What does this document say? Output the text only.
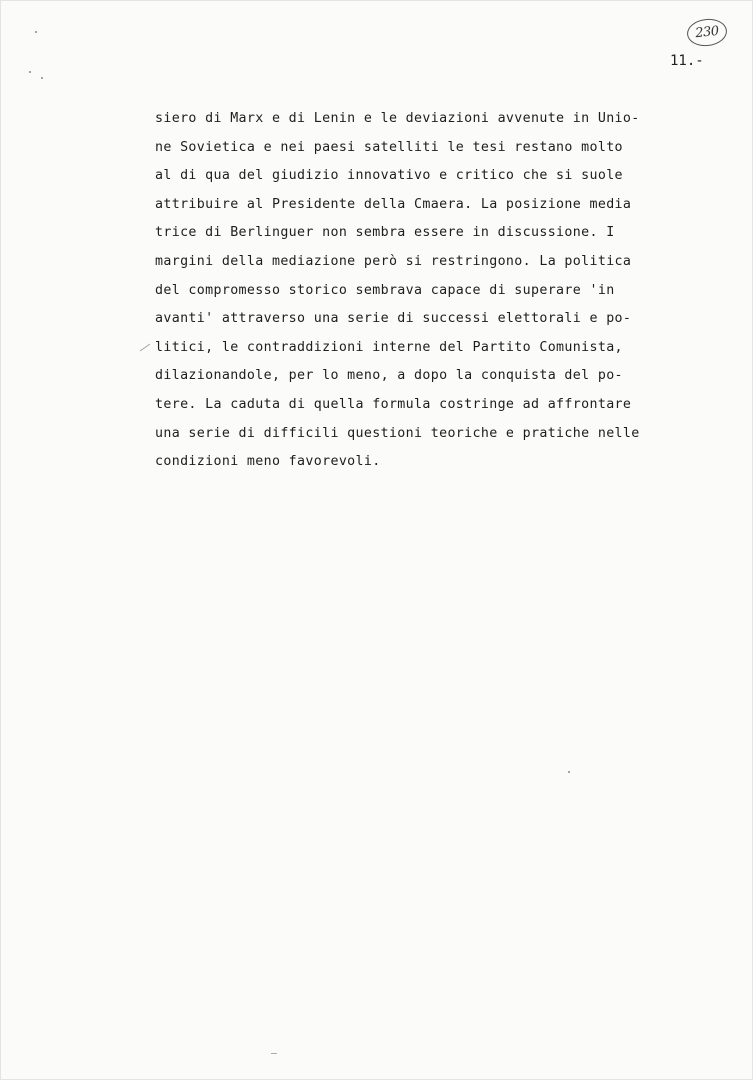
230
11.-
siero di Marx e di Lenin e le deviazioni avvenute in Unio-
ne Sovietica e nei paesi satelliti le tesi restano molto
al di qua del giudizio innovativo e critico che si suole
attribuire al Presidente della Cmaera. La posizione media
trice di Berlinguer non sembra essere in discussione. I
margini della mediazione però si restringono. La politica
del compromesso storico sembrava capace di superare 'in
avanti' attraverso una serie di successi elettorali e po-
litici, le contraddizioni interne del Partito Comunista,
dilazionandole, per lo meno, a dopo la conquista del po-
tere. La caduta di quella formula costringe ad affrontare
una serie di difficili questioni teoriche e pratiche nelle
condizioni meno favorevoli.
